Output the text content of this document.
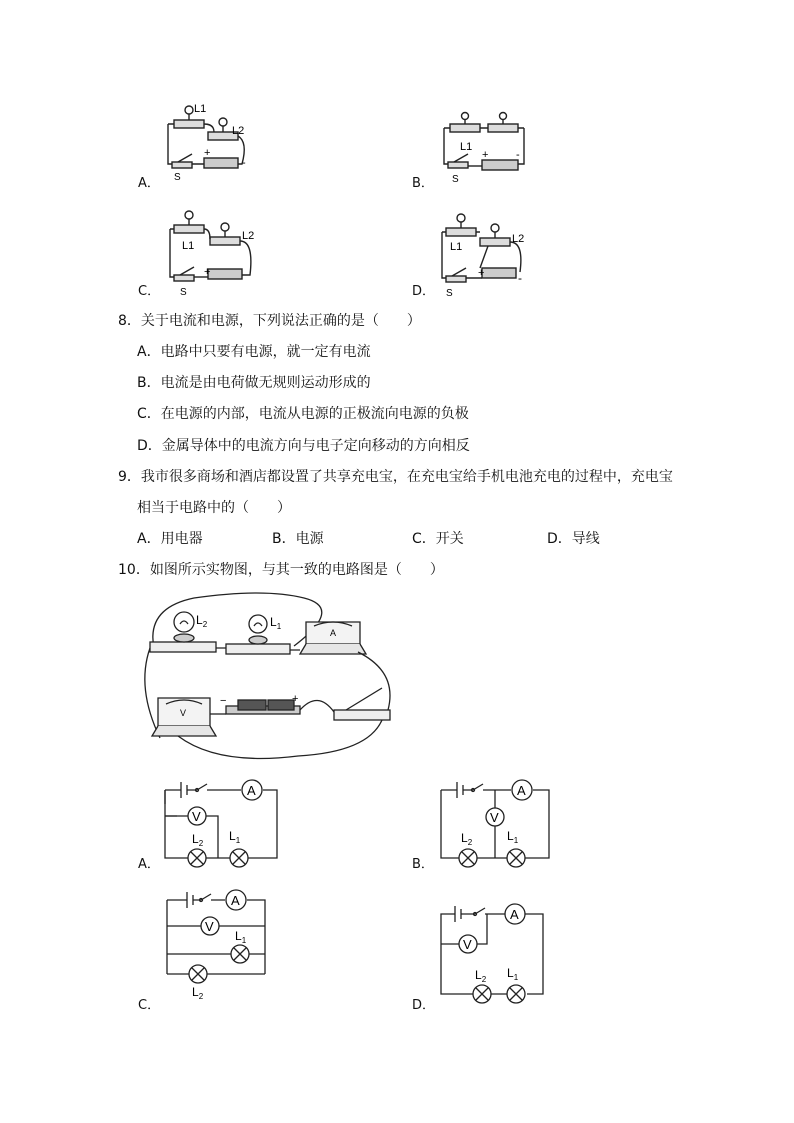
L1
L2
S
+
-
A．
L1
S
+	-
B．
L1
L2
S
+
C．
L1
L2
S
+	-
D．
8．关于电流和电源，下列说法正确的是（　　）
A．电路中只要有电源，就一定有电流
B．电流是由电荷做无规则运动形成的
C．在电源的内部，电流从电源的正极流向电源的负极
D．金属导体中的电流方向与电子定向移动的方向相反
9．我市很多商场和酒店都设置了共享充电宝，在充电宝给手机电池充电的过程中，充电宝
相当于电路中的（　　）
A．用电器	B．电源	C．开关	D．导线
10．如图所示实物图，与其一致的电路图是（　　）
$L_2$	$L_1$
A
V
−	+
A
V
$L_2$
$L_1$
A．
A
V
$L_2$	$L_1$
B．
A
V
$L_1$
$L_2$
C．
A
V
$L_2$ $L_1$
D．
